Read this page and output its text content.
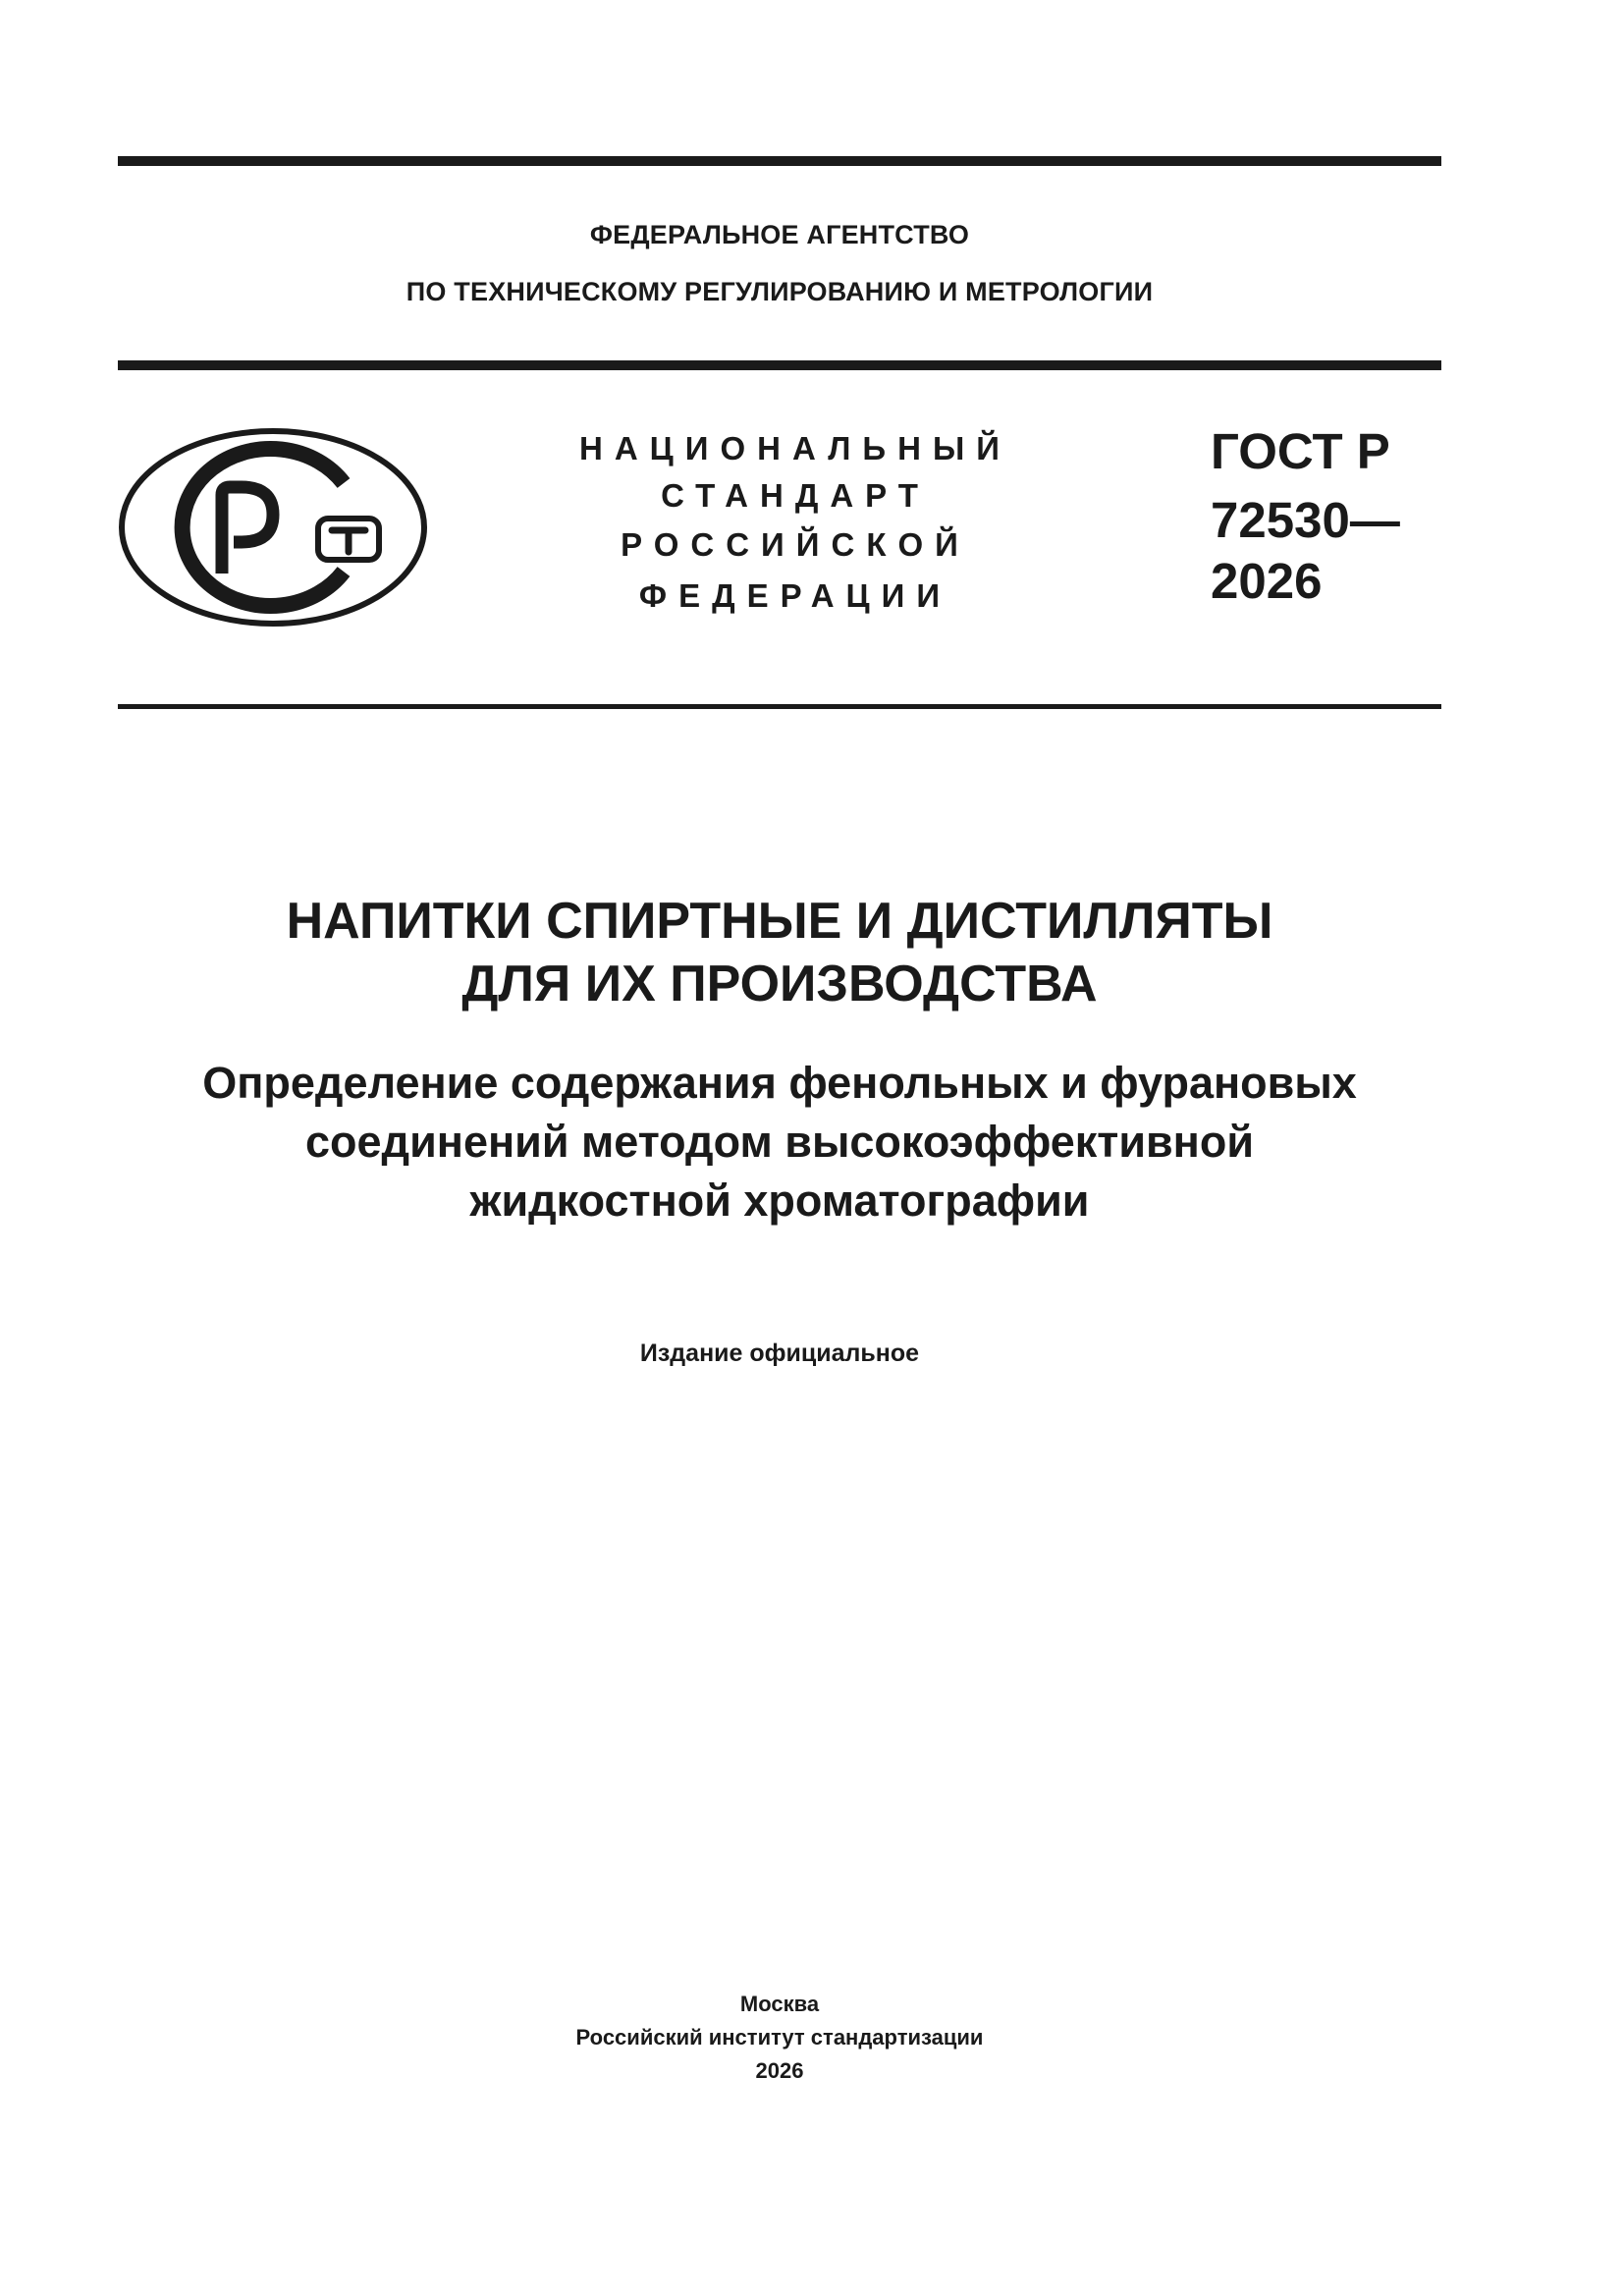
ФЕДЕРАЛЬНОЕ АГЕНТСТВО
ПО ТЕХНИЧЕСКОМУ РЕГУЛИРОВАНИЮ И МЕТРОЛОГИИ
НАЦИОНАЛЬНЫЙ
СТАНДАРТ
РОССИЙСКОЙ
ФЕДЕРАЦИИ
ГОСТ Р
72530—
2026
НАПИТКИ СПИРТНЫЕ И ДИСТИЛЛЯТЫ
ДЛЯ ИХ ПРОИЗВОДСТВА
Определение содержания фенольных и фурановых
соединений методом высокоэффективной
жидкостной хроматографии
Издание официальное
Москва
Российский институт стандартизации
2026
